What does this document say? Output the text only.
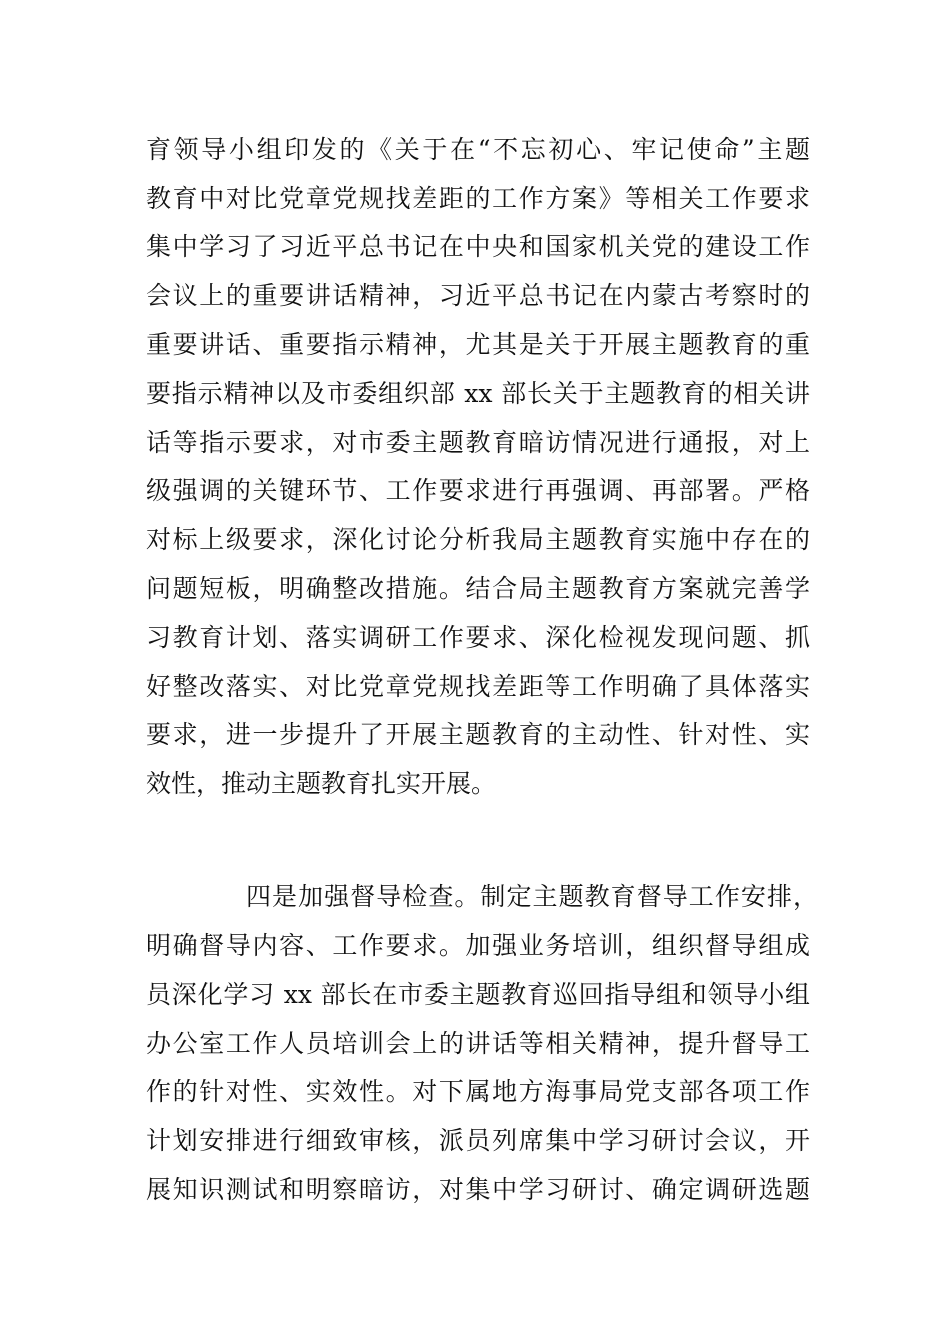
育领导小组印发的《关于在“不忘初心、牢记使命”主题
教育中对比党章党规找差距的工作方案》等相关工作要求
集中学习了习近平总书记在中央和国家机关党的建设工作
会议上的重要讲话精神，习近平总书记在内蒙古考察时的
重要讲话、重要指示精神，尤其是关于开展主题教育的重
要指示精神以及市委组织部 xx 部长关于主题教育的相关讲
话等指示要求，对市委主题教育暗访情况进行通报，对上
级强调的关键环节、工作要求进行再强调、再部署。严格
对标上级要求，深化讨论分析我局主题教育实施中存在的
问题短板，明确整改措施。结合局主题教育方案就完善学
习教育计划、落实调研工作要求、深化检视发现问题、抓
好整改落实、对比党章党规找差距等工作明确了具体落实
要求，进一步提升了开展主题教育的主动性、针对性、实
效性，推动主题教育扎实开展。
四是加强督导检查。制定主题教育督导工作安排，
明确督导内容、工作要求。加强业务培训，组织督导组成
员深化学习 xx 部长在市委主题教育巡回指导组和领导小组
办公室工作人员培训会上的讲话等相关精神，提升督导工
作的针对性、实效性。对下属地方海事局党支部各项工作
计划安排进行细致审核，派员列席集中学习研讨会议，开
展知识测试和明察暗访，对集中学习研讨、确定调研选题
